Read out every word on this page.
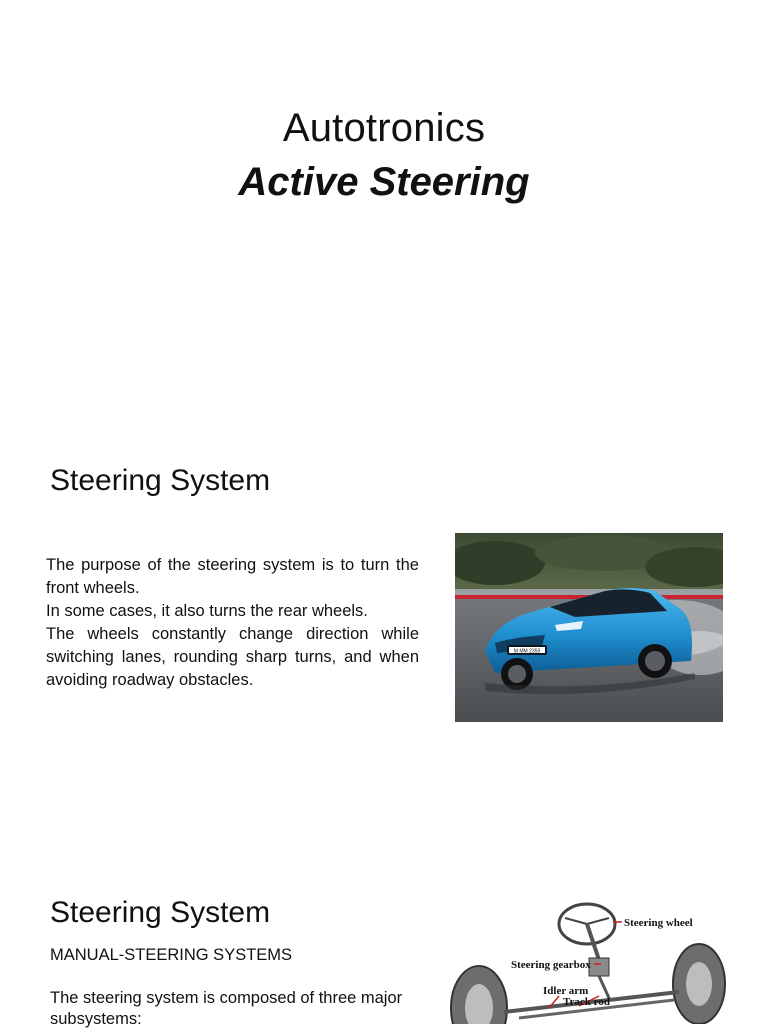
Autotronics
Active Steering
Steering System

The purpose of the steering system is to turn the front wheels.

In some cases, it also turns the rear wheels.

The wheels constantly change direction while switching lanes, rounding sharp turns, and when avoiding roadway obstacles.

M MM 2359
Steering System

MANUAL-STEERING SYSTEMS

The steering system is composed of three major subsystems:

Steering wheel
Steering gearbox
Idler arm
Track rod
